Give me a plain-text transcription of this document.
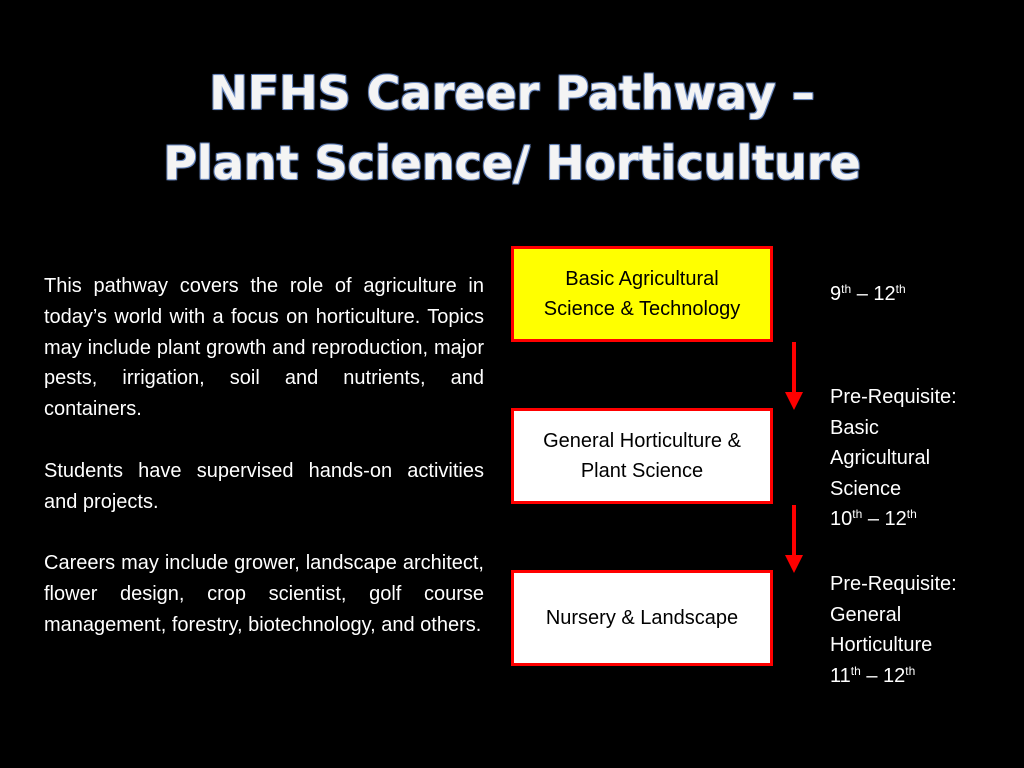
NFHS Career Pathway –
Plant Science/ Horticulture

This pathway covers the role of agriculture in today’s world with a focus on horticulture. Topics may include plant growth and reproduction, major pests, irrigation, soil and nutrients, and containers.

Students have supervised hands-on activities and projects.

Careers may include grower, landscape architect, flower design, crop scientist, golf course management, forestry, biotechnology, and others.

Basic Agricultural
Science & Technology
General Horticulture &
Plant Science
Nursery & Landscape
9th – 12th
Pre-Requisite:
Basic
Agricultural
Science
10th – 12th
Pre-Requisite:
General
Horticulture
11th – 12th
